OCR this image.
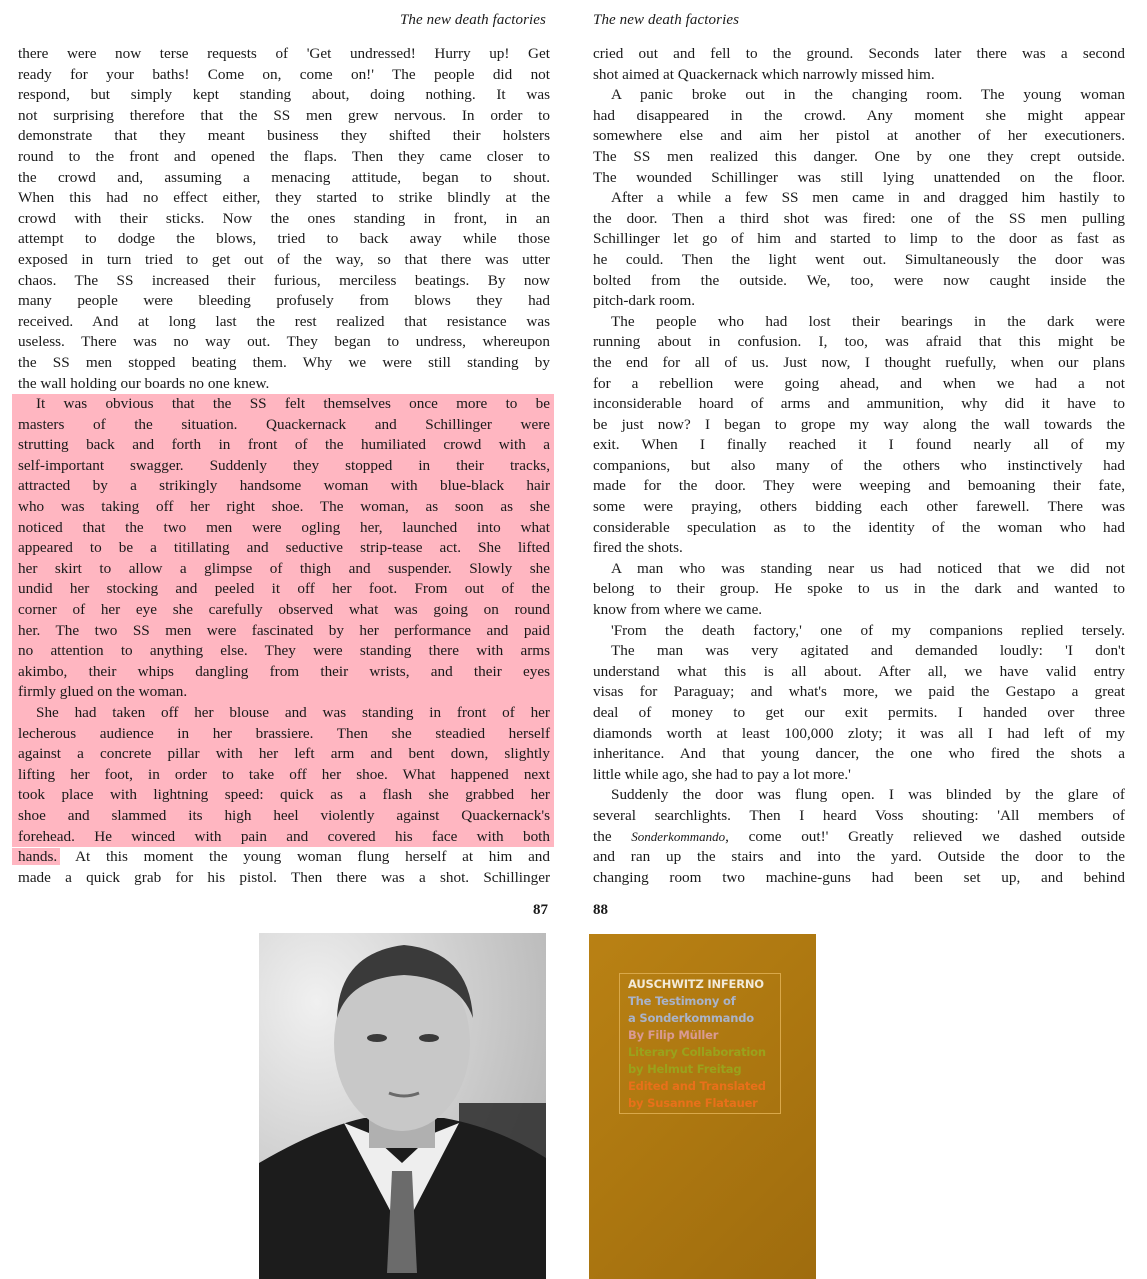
The new death factories
there were now terse requests of 'Get undressed! Hurry up! Get
ready for your baths! Come on, come on!' The people did not
respond, but simply kept standing about, doing nothing. It was
not surprising therefore that the SS men grew nervous. In order to
demonstrate that they meant business they shifted their holsters
round to the front and opened the flaps. Then they came closer to
the crowd and, assuming a menacing attitude, began to shout.
When this had no effect either, they started to strike blindly at the
crowd with their sticks. Now the ones standing in front, in an
attempt to dodge the blows, tried to back away while those
exposed in turn tried to get out of the way, so that there was utter
chaos. The SS increased their furious, merciless beatings. By now
many people were bleeding profusely from blows they had
received. And at long last the rest realized that resistance was
useless. There was no way out. They began to undress, whereupon
the SS men stopped beating them. Why we were still standing by
the wall holding our boards no one knew.
It was obvious that the SS felt themselves once more to be
masters of the situation. Quackernack and Schillinger were
strutting back and forth in front of the humiliated crowd with a
self-important swagger. Suddenly they stopped in their tracks,
attracted by a strikingly handsome woman with blue-black hair
who was taking off her right shoe. The woman, as soon as she
noticed that the two men were ogling her, launched into what
appeared to be a titillating and seductive strip-tease act. She lifted
her skirt to allow a glimpse of thigh and suspender. Slowly she
undid her stocking and peeled it off her foot. From out of the
corner of her eye she carefully observed what was going on round
her. The two SS men were fascinated by her performance and paid
no attention to anything else. They were standing there with arms
akimbo, their whips dangling from their wrists, and their eyes
firmly glued on the woman.
She had taken off her blouse and was standing in front of her
lecherous audience in her brassiere. Then she steadied herself
against a concrete pillar with her left arm and bent down, slightly
lifting her foot, in order to take off her shoe. What happened next
took place with lightning speed: quick as a flash she grabbed her
shoe and slammed its high heel violently against Quackernack's
forehead. He winced with pain and covered his face with both
hands. At this moment the young woman flung herself at him and
made a quick grab for his pistol. Then there was a shot. Schillinger
87
The new death factories
cried out and fell to the ground. Seconds later there was a second
shot aimed at Quackernack which narrowly missed him.
A panic broke out in the changing room. The young woman
had disappeared in the crowd. Any moment she might appear
somewhere else and aim her pistol at another of her executioners.
The SS men realized this danger. One by one they crept outside.
The wounded Schillinger was still lying unattended on the floor.
After a while a few SS men came in and dragged him hastily to
the door. Then a third shot was fired: one of the SS men pulling
Schillinger let go of him and started to limp to the door as fast as
he could. Then the light went out. Simultaneously the door was
bolted from the outside. We, too, were now caught inside the
pitch-dark room.
The people who had lost their bearings in the dark were
running about in confusion. I, too, was afraid that this might be
the end for all of us. Just now, I thought ruefully, when our plans
for a rebellion were going ahead, and when we had a not
inconsiderable hoard of arms and ammunition, why did it have to
be just now? I began to grope my way along the wall towards the
exit. When I finally reached it I found nearly all of my
companions, but also many of the others who instinctively had
made for the door. They were weeping and bemoaning their fate,
some were praying, others bidding each other farewell. There was
considerable speculation as to the identity of the woman who had
fired the shots.
A man who was standing near us had noticed that we did not
belong to their group. He spoke to us in the dark and wanted to
know from where we came.
'From the death factory,' one of my companions replied tersely.
The man was very agitated and demanded loudly: 'I don't
understand what this is all about. After all, we have valid entry
visas for Paraguay; and what's more, we paid the Gestapo a great
deal of money to get our exit permits. I handed over three
diamonds worth at least 100,000 zloty; it was all I had left of my
inheritance. And that young dancer, the one who fired the shots a
little while ago, she had to pay a lot more.'
Suddenly the door was flung open. I was blinded by the glare of
several searchlights. Then I heard Voss shouting: 'All members of
the Sonderkommando, come out!' Greatly relieved we dashed outside
and ran up the stairs and into the yard. Outside the door to the
changing room two machine-guns had been set up, and behind
88
AUSCHWITZ INFERNO
The Testimony of
a Sonderkommando
By Filip Müller
Literary Collaboration
by Helmut Freitag
Edited and Translated
by Susanne Flatauer
